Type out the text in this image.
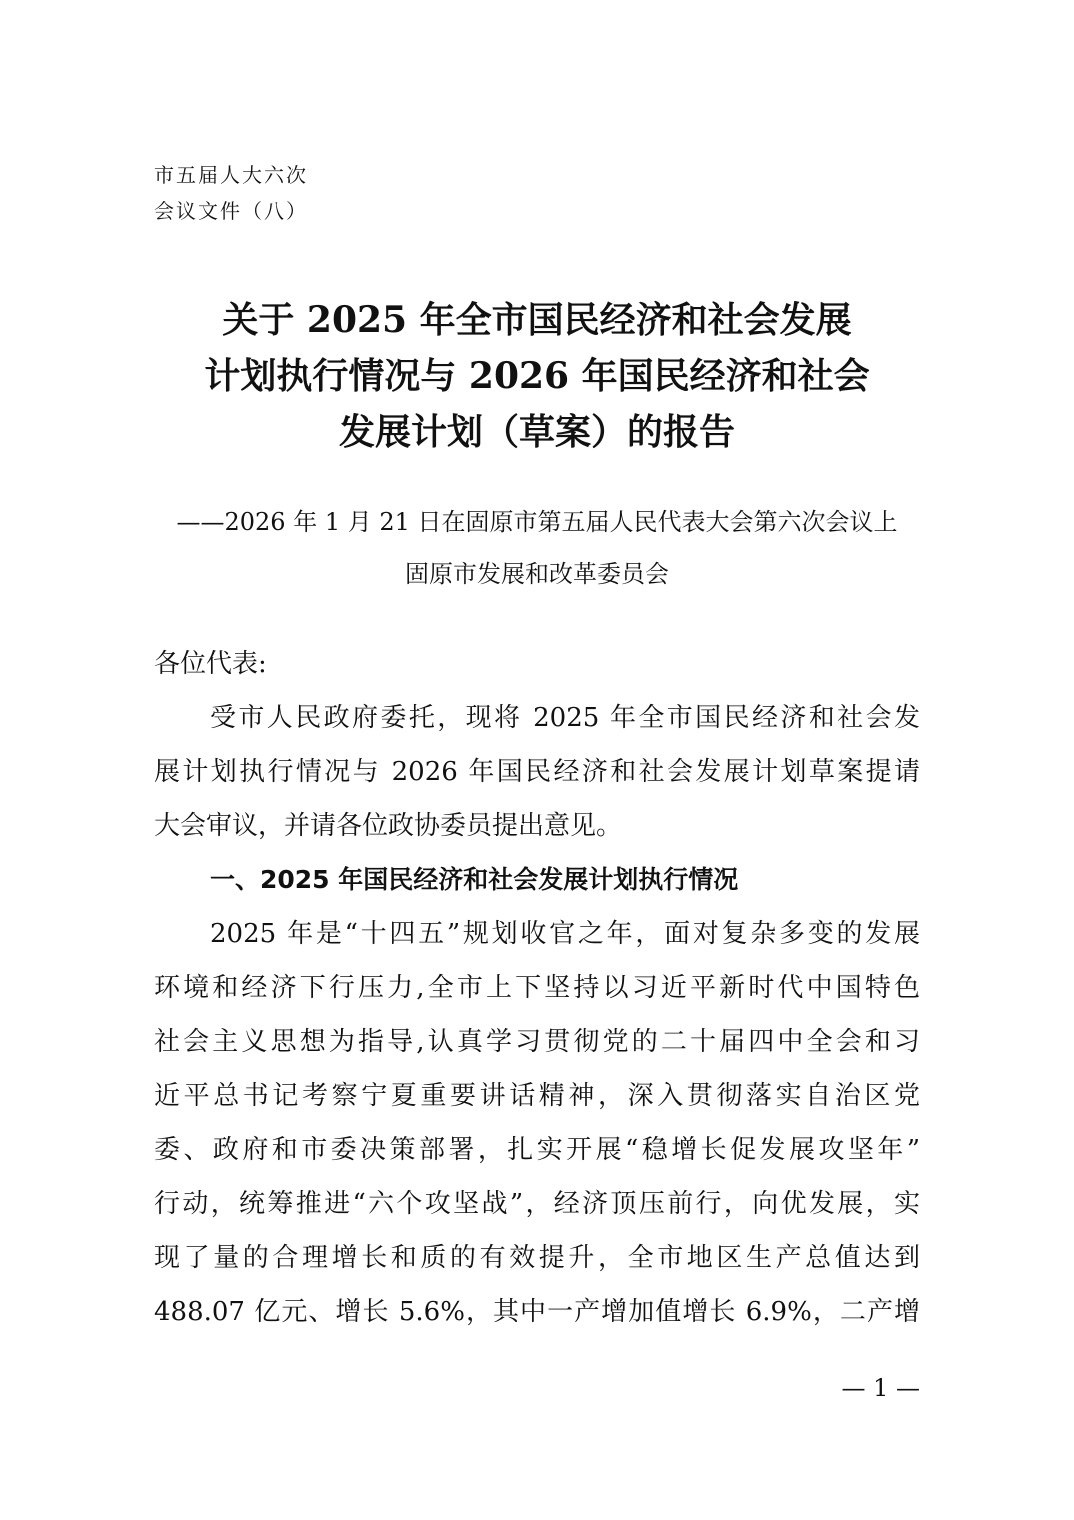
市五届人大六次
会议文件（八）
关于 2025 年全市国民经济和社会发展
计划执行情况与 2026 年国民经济和社会
发展计划（草案）的报告
——2026 年 1 月 21 日在固原市第五届人民代表大会第六次会议上
固原市发展和改革委员会
各位代表:
受市人民政府委托，现将 2025 年全市国民经济和社会发
展计划执行情况与 2026 年国民经济和社会发展计划草案提请
大会审议，并请各位政协委员提出意见。
一、2025 年国民经济和社会发展计划执行情况
2025 年是“十四五”规划收官之年，面对复杂多变的发展
环境和经济下行压力,全市上下坚持以习近平新时代中国特色
社会主义思想为指导,认真学习贯彻党的二十届四中全会和习
近平总书记考察宁夏重要讲话精神，深入贯彻落实自治区党
委、政府和市委决策部署，扎实开展“稳增长促发展攻坚年”
行动，统筹推进“六个攻坚战”，经济顶压前行，向优发展，实
现了量的合理增长和质的有效提升，全市地区生产总值达到
488.07 亿元、增长 5.6%，其中一产增加值增长 6.9%，二产增
— 1 —
